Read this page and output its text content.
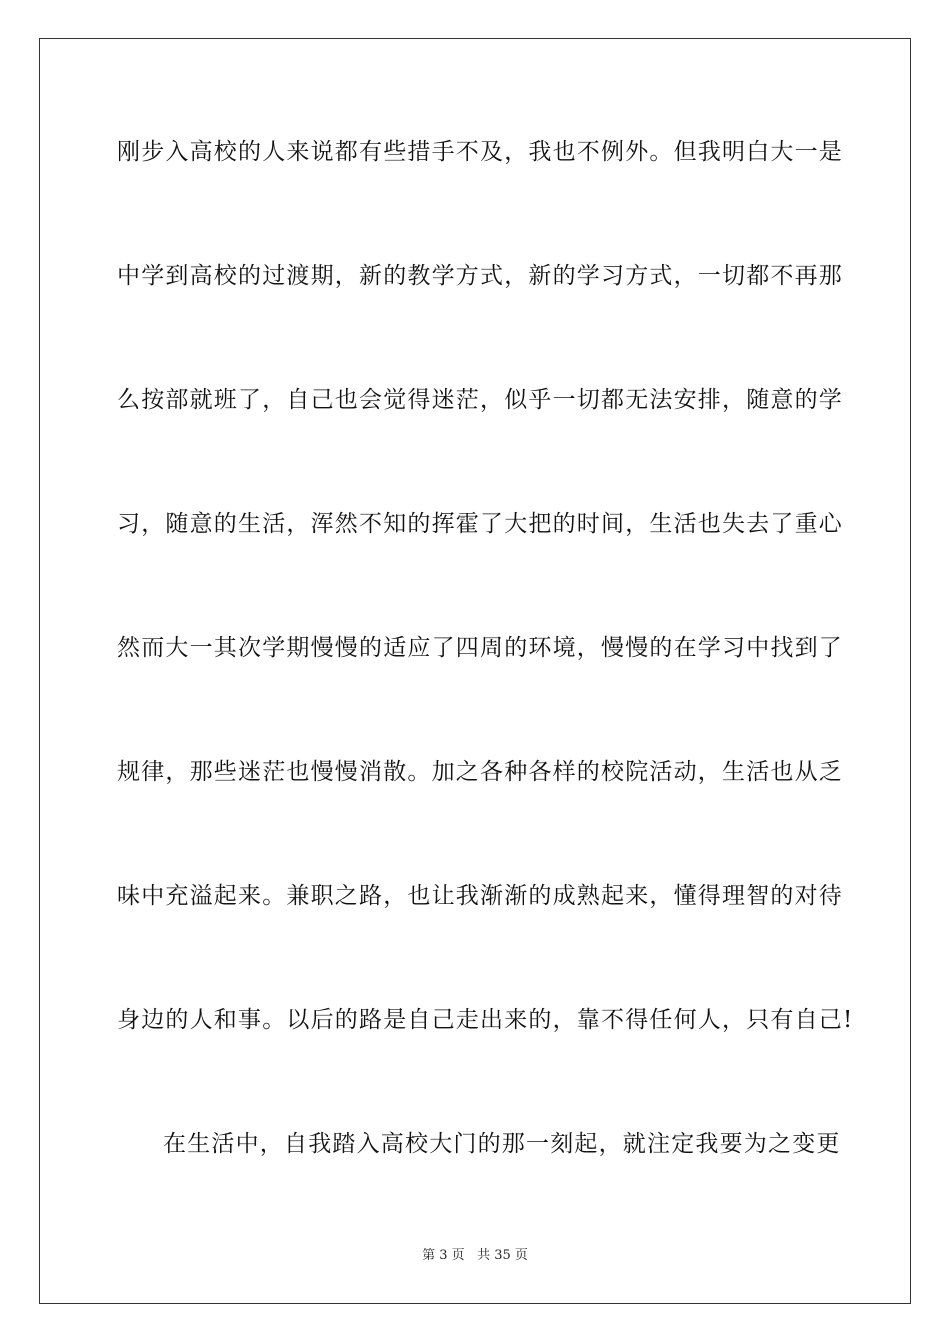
刚步入高校的人来说都有些措手不及，我也不例外。但我明白大一是
中学到高校的过渡期，新的教学方式，新的学习方式，一切都不再那
么按部就班了，自己也会觉得迷茫，似乎一切都无法安排，随意的学
习，随意的生活，浑然不知的挥霍了大把的时间，生活也失去了重心
然而大一其次学期慢慢的适应了四周的环境，慢慢的在学习中找到了
规律，那些迷茫也慢慢消散。加之各种各样的校院活动，生活也从乏
味中充溢起来。兼职之路，也让我渐渐的成熟起来，懂得理智的对待
身边的人和事。以后的路是自己走出来的，靠不得任何人，只有自己!
在生活中，自我踏入高校大门的那一刻起，就注定我要为之变更
第 3 页 共 35 页
